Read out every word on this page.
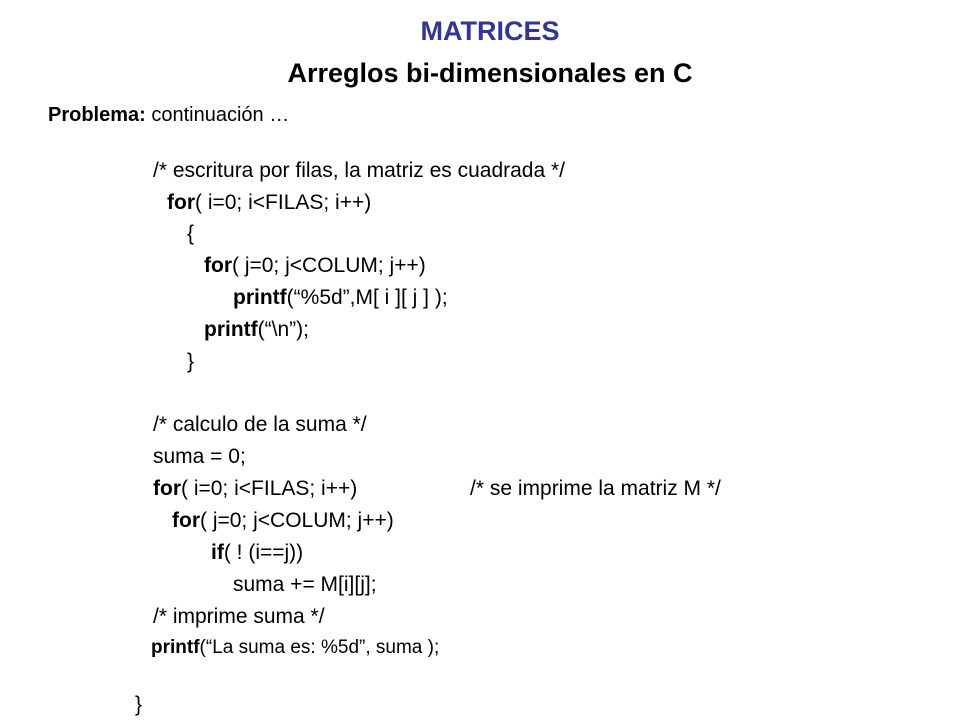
MATRICES
Arreglos bi-dimensionales en C
Problema: continuación …
/* escritura por filas, la matriz es cuadrada */
for( i=0; i<FILAS; i++)
{
for( j=0; j<COLUM; j++)
printf(“%5d”,M[ i ][ j ] );
printf(“\n”);
}
/* calculo de la suma */
suma = 0;
for( i=0; i<FILAS; i++)	/* se imprime la matriz M */
for( j=0; j<COLUM; j++)
if( ! (i==j))
suma += M[i][j];
/* imprime suma */
printf(“La suma es: %5d”, suma );
}
